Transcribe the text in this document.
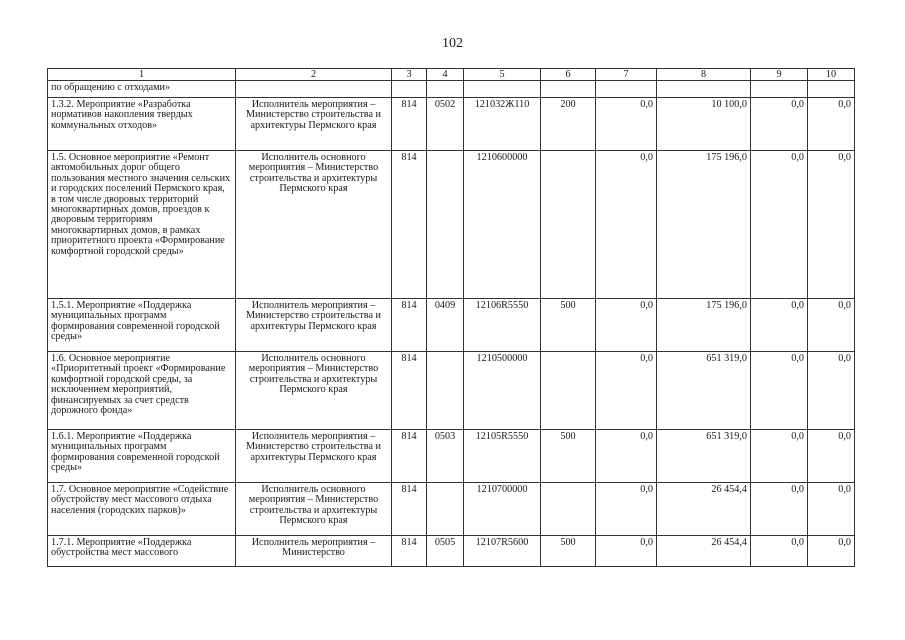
102
1	2	3	4	5	6	7	8	9	10
по обращению с отходами»									
1.3.2. Мероприятие «Разработка нормативов накопления твердых коммунальных отходов»	Исполнитель мероприятия – Министерство строительства и архитектуры Пермского края	814	0502	121032Ж110	200	0,0	10 100,0	0,0	0,0
1.5. Основное мероприятие «Ремонт автомобильных дорог общего пользования местного значения сельских и городских поселений Пермского края, в том числе дворовых территорий многоквартирных домов, проездов к дворовым территориям многоквартирных домов, в рамках приоритетного проекта «Формирование комфортной городской среды»	Исполнитель основного мероприятия – Министерство строительства и архитектуры Пермского края	814		1210600000		0,0	175 196,0	0,0	0,0
1.5.1. Мероприятие «Поддержка муниципальных программ формирования современной городской среды»	Исполнитель мероприятия – Министерство строительства и архитектуры Пермского края	814	0409	12106R5550	500	0,0	175 196,0	0,0	0,0
1.6. Основное мероприятие «Приоритетный проект «Формирование комфортной городской среды, за исключением мероприятий, финансируемых за счет средств дорожного фонда»	Исполнитель основного мероприятия – Министерство строительства и архитектуры Пермского края	814		1210500000		0,0	651 319,0	0,0	0,0
1.6.1. Мероприятие «Поддержка муниципальных программ формирования современной городской среды»	Исполнитель мероприятия – Министерство строительства и архитектуры Пермского края	814	0503	12105R5550	500	0,0	651 319,0	0,0	0,0
1.7. Основное мероприятие «Содействие обустройству мест массового отдыха населения (городских парков)»	Исполнитель основного мероприятия – Министерство строительства и архитектуры Пермского края	814		1210700000		0,0	26 454,4	0,0	0,0
1.7.1. Мероприятие «Поддержка обустройства мест массового	Исполнитель мероприятия – Министерство	814	0505	12107R5600	500	0,0	26 454,4	0,0	0,0
